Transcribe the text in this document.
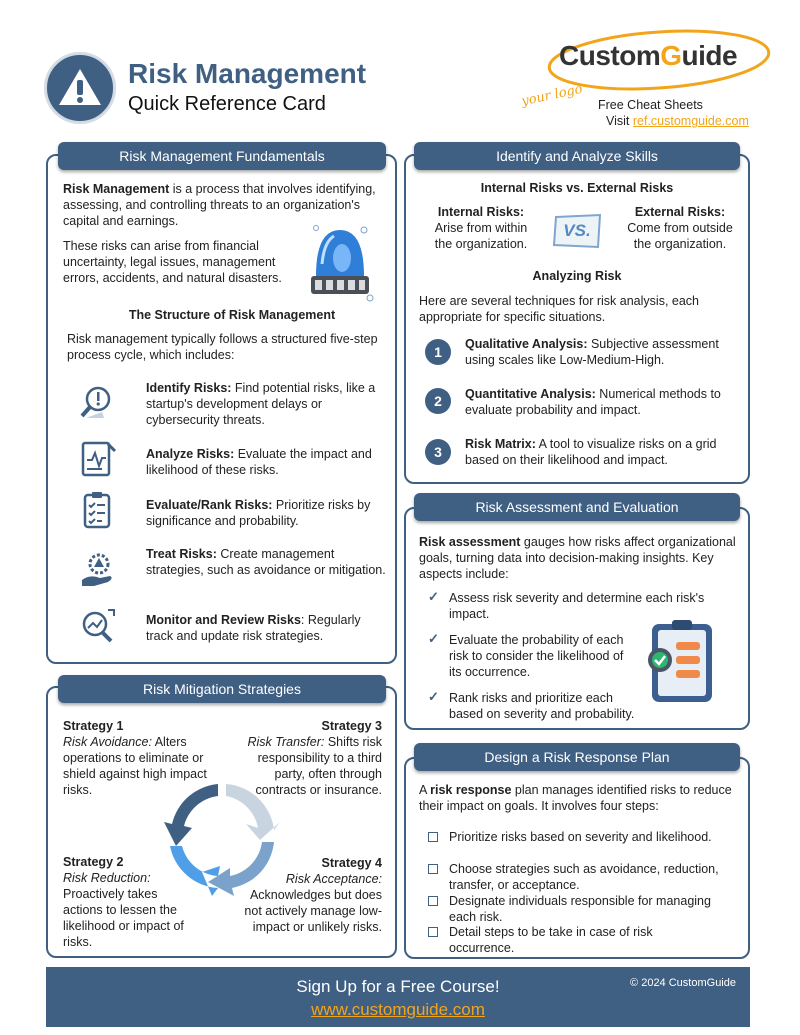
Risk Management
Quick Reference Card
CustomGuide
your logo Free Cheat Sheets
Visit ref.customguide.com
Risk Management Fundamentals
Risk Management is a process that involves identifying, assessing, and controlling threats to an organization's capital and earnings.
These risks can arise from financial uncertainty, legal issues, management errors, accidents, and natural disasters.
The Structure of Risk Management
Risk management typically follows a structured five-step process cycle, which includes:
Identify Risks: Find potential risks, like a startup's development delays or cybersecurity threats.
Analyze Risks: Evaluate the impact and likelihood of these risks.
Evaluate/Rank Risks: Prioritize risks by significance and probability.
Treat Risks: Create management strategies, such as avoidance or mitigation.
Monitor and Review Risks: Regularly track and update risk strategies.
Risk Mitigation Strategies
Strategy 1
Risk Avoidance: Alters operations to eliminate or shield against high impact risks.
Strategy 3
Risk Transfer: Shifts risk responsibility to a third party, often through contracts or insurance.
Strategy 2
Risk Reduction: Proactively takes actions to lessen the likelihood or impact of risks.
Strategy 4
Risk Acceptance: Acknowledges but does not actively manage low-impact or unlikely risks.
Identify and Analyze Skills
Internal Risks vs. External Risks
Internal Risks:
Arise from within the organization.
VS.
External Risks:
Come from outside the organization.
Analyzing Risk
Here are several techniques for risk analysis, each appropriate for specific situations.
1	Qualitative Analysis: Subjective assessment using scales like Low-Medium-High.
2	Quantitative Analysis: Numerical methods to evaluate probability and impact.
3	Risk Matrix: A tool to visualize risks on a grid based on their likelihood and impact.
Risk Assessment and Evaluation
Risk assessment gauges how risks affect organizational goals, turning data into decision-making insights. Key aspects include:
✓ Assess risk severity and determine each risk's impact.
✓ Evaluate the probability of each risk to consider the likelihood of its occurrence.
✓ Rank risks and prioritize each based on severity and probability.
Design a Risk Response Plan
A risk response plan manages identified risks to reduce their impact on goals. It involves four steps:
Prioritize risks based on severity and likelihood.
Choose strategies such as avoidance, reduction, transfer, or acceptance.
Designate individuals responsible for managing each risk.
Detail steps to be take in case of risk occurrence.
Sign Up for a Free Course!
www.customguide.com
© 2024 CustomGuide
